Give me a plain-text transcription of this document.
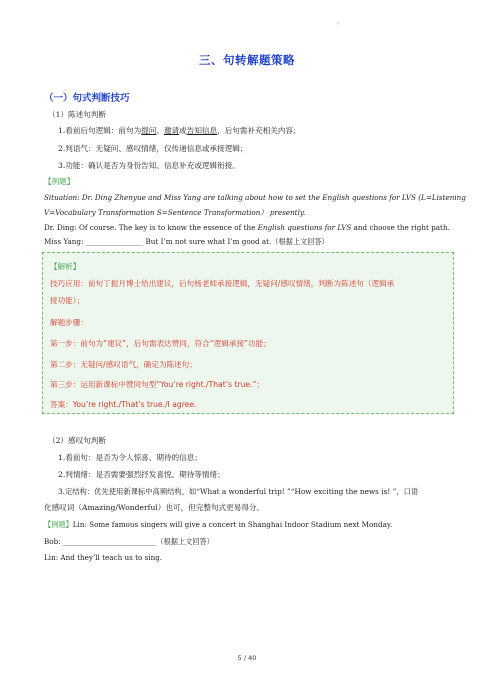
'
三、句转解题策略
（一）句式判断技巧
（1）陈述句判断
1.看前后句逻辑：前句为提问、邀请或告知信息，后句需补充相关内容；
2.判语气：无疑问、感叹情绪，仅传递信息或承接逻辑；
3.功能：确认是否为身份告知、信息补充或逻辑衔接。
【例题】
Situation: Dr. Ding Zhenyue and Miss Yang are talking about how to set the English questions for LVS (L=Listening
V=Vocabulary Transformation S=Sentence Transformation） presently.
Dr. Ding: Of course. The key is to know the essence of the English questions for LVS and choose the right path.
Miss Yang: ________________ But I’m not sure what I’m good at.（根据上文回答）
【解析】
技巧应用：前句丁振月博士给出建议，后句杨老师承接逻辑，无疑问/感叹情绪，判断为陈述句（逻辑承
接功能）；
解题步骤：
第一步：前句为“建议”，后句需表达赞同，符合“逻辑承接”功能；
第二步：无疑问/感叹语气，确定为陈述句；
第三步：运用新课标中赞同句型“You’re right./That’s true.”；
答案：You’re right./That’s true./I agree.
（2）感叹句判断
1.看前句：是否为令人惊喜、期待的信息；
2.判情绪：是否需要强烈抒发喜悦、期待等情绪；
3.定结构：优先使用新课标中高频结构，如“What a wonderful trip! ”“How exciting the news is! ”，口语
化感叹词（Amazing/Wonderful）也可，但完整句式更易得分。
【例题】Lin: Some famous singers will give a concert in Shanghai Indoor Stadium next Monday.
Bob: __________________________（根据上文回答）
Lin: And they’ll teach us to sing.
5 / 40
